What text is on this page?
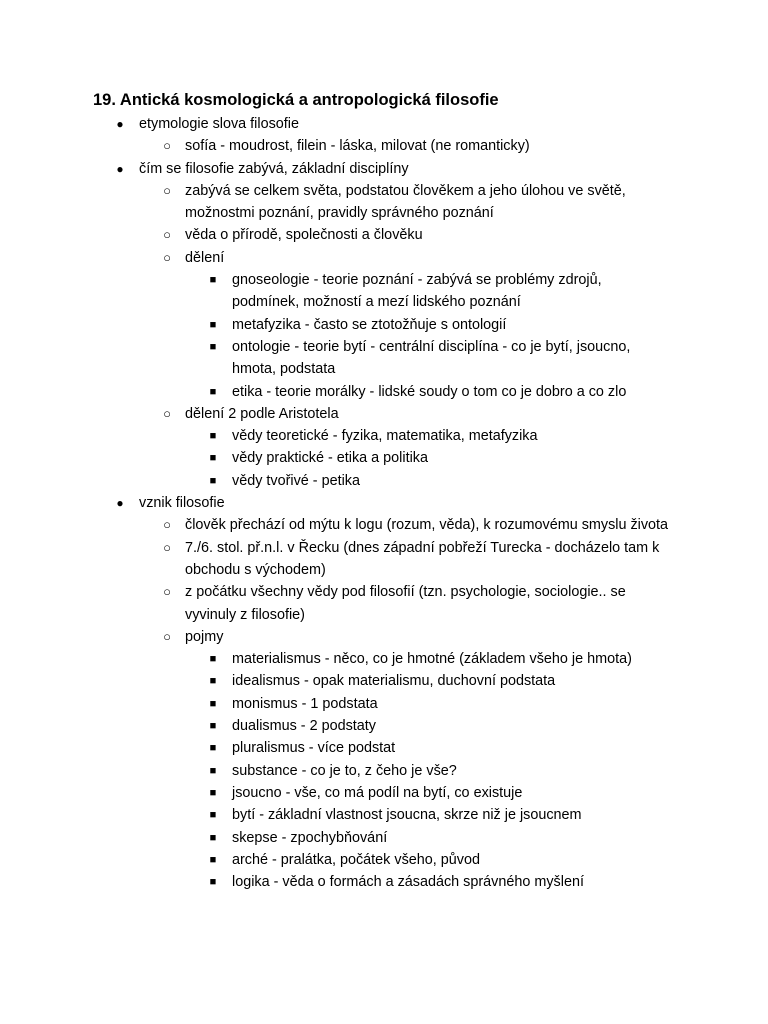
19. Antická kosmologická a antropologická filosofie
●	etymologie slova filosofie
○ sofía - moudrost, filein - láska, milovat (ne romanticky)
●	čím se filosofie zabývá, základní disciplíny
○ zabývá se celkem světa, podstatou člověkem a jeho úlohou ve světě, možnostmi poznání, pravidly správného poznání
○ věda o přírodě, společnosti a člověku
○ dělení
■	gnoseologie - teorie poznání - zabývá se problémy zdrojů, podmínek, možností a mezí lidského poznání
■	metafyzika - často se ztotožňuje s ontologií
■	ontologie - teorie bytí - centrální disciplína - co je bytí, jsoucno, hmota, podstata
■	etika - teorie morálky - lidské soudy o tom co je dobro a co zlo
○ dělení 2 podle Aristotela
■	vědy teoretické - fyzika, matematika, metafyzika
■	vědy praktické - etika a politika
■	vědy tvořivé - petika
●	vznik filosofie
○ člověk přechází od mýtu k logu (rozum, věda), k rozumovému smyslu života
○ 7./6. stol. př.n.l. v Řecku (dnes západní pobřeží Turecka - docházelo tam k obchodu s východem)
○ z počátku všechny vědy pod filosofií (tzn. psychologie, sociologie.. se vyvinuly z filosofie)
○ pojmy
■	materialismus - něco, co je hmotné (základem všeho je hmota)
■	idealismus - opak materialismu, duchovní podstata
■	monismus - 1 podstata
■	dualismus - 2 podstaty
■	pluralismus - více podstat
■	substance - co je to, z čeho je vše?
■	jsoucno - vše, co má podíl na bytí, co existuje
■	bytí - základní vlastnost jsoucna, skrze niž je jsoucnem
■	skepse - zpochybňování
■	arché - pralátka, počátek všeho, původ
■	logika - věda o formách a zásadách správného myšlení
